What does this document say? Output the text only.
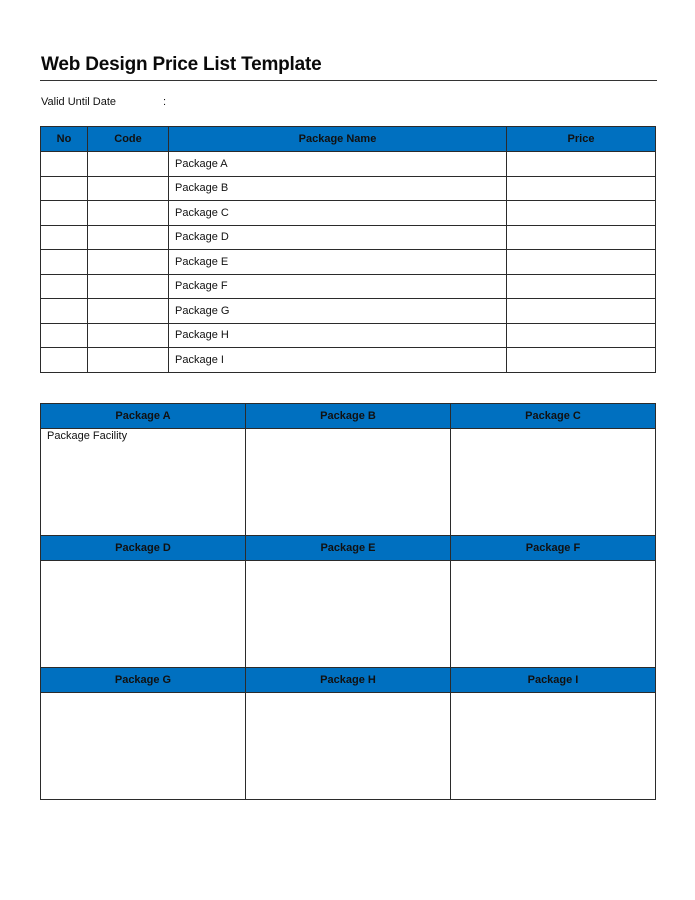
Web Design Price List Template
Valid Until Date	:
No	Code	Package Name	Price
		Package A	
		Package B	
		Package C	
		Package D	
		Package E	
		Package F	
		Package G	
		Package H	
		Package I	
Package A	Package B	Package C

Package Facility		

Package D	Package E	Package F

Package G	Package H	Package I
